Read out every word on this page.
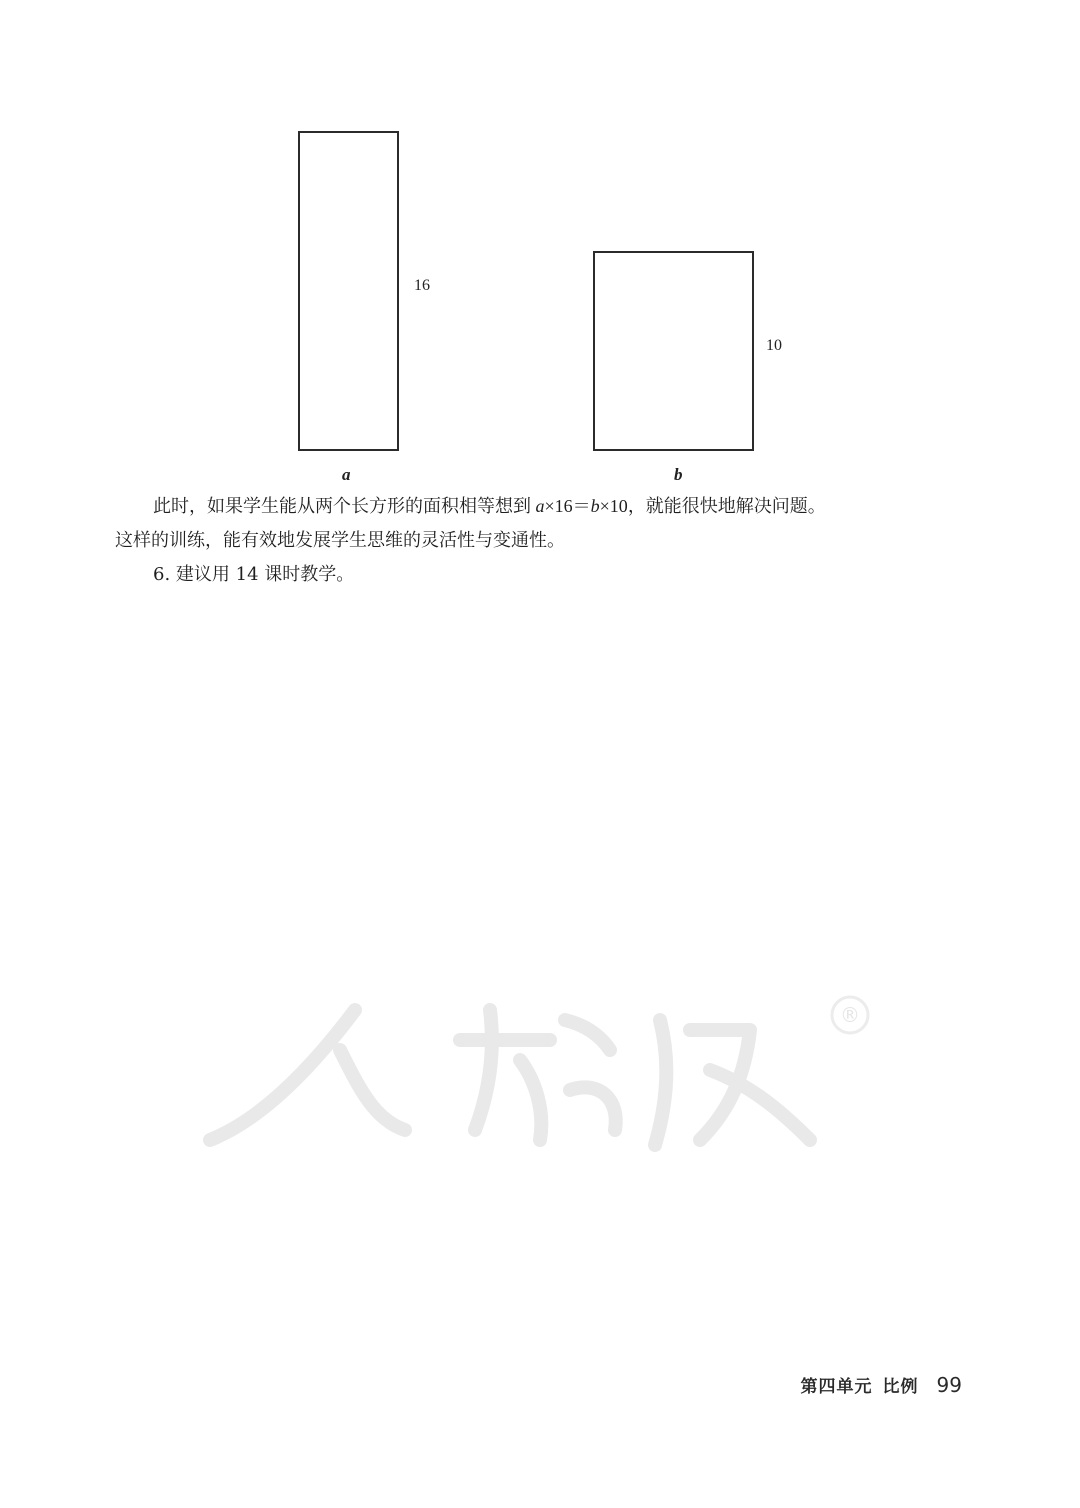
16
a
10
b
此时，如果学生能从两个长方形的面积相等想到 a×16＝b×10，就能很快地解决问题。
这样的训练，能有效地发展学生思维的灵活性与变通性。
6. 建议用 14 课时教学。
®
第四单元 比例 99
